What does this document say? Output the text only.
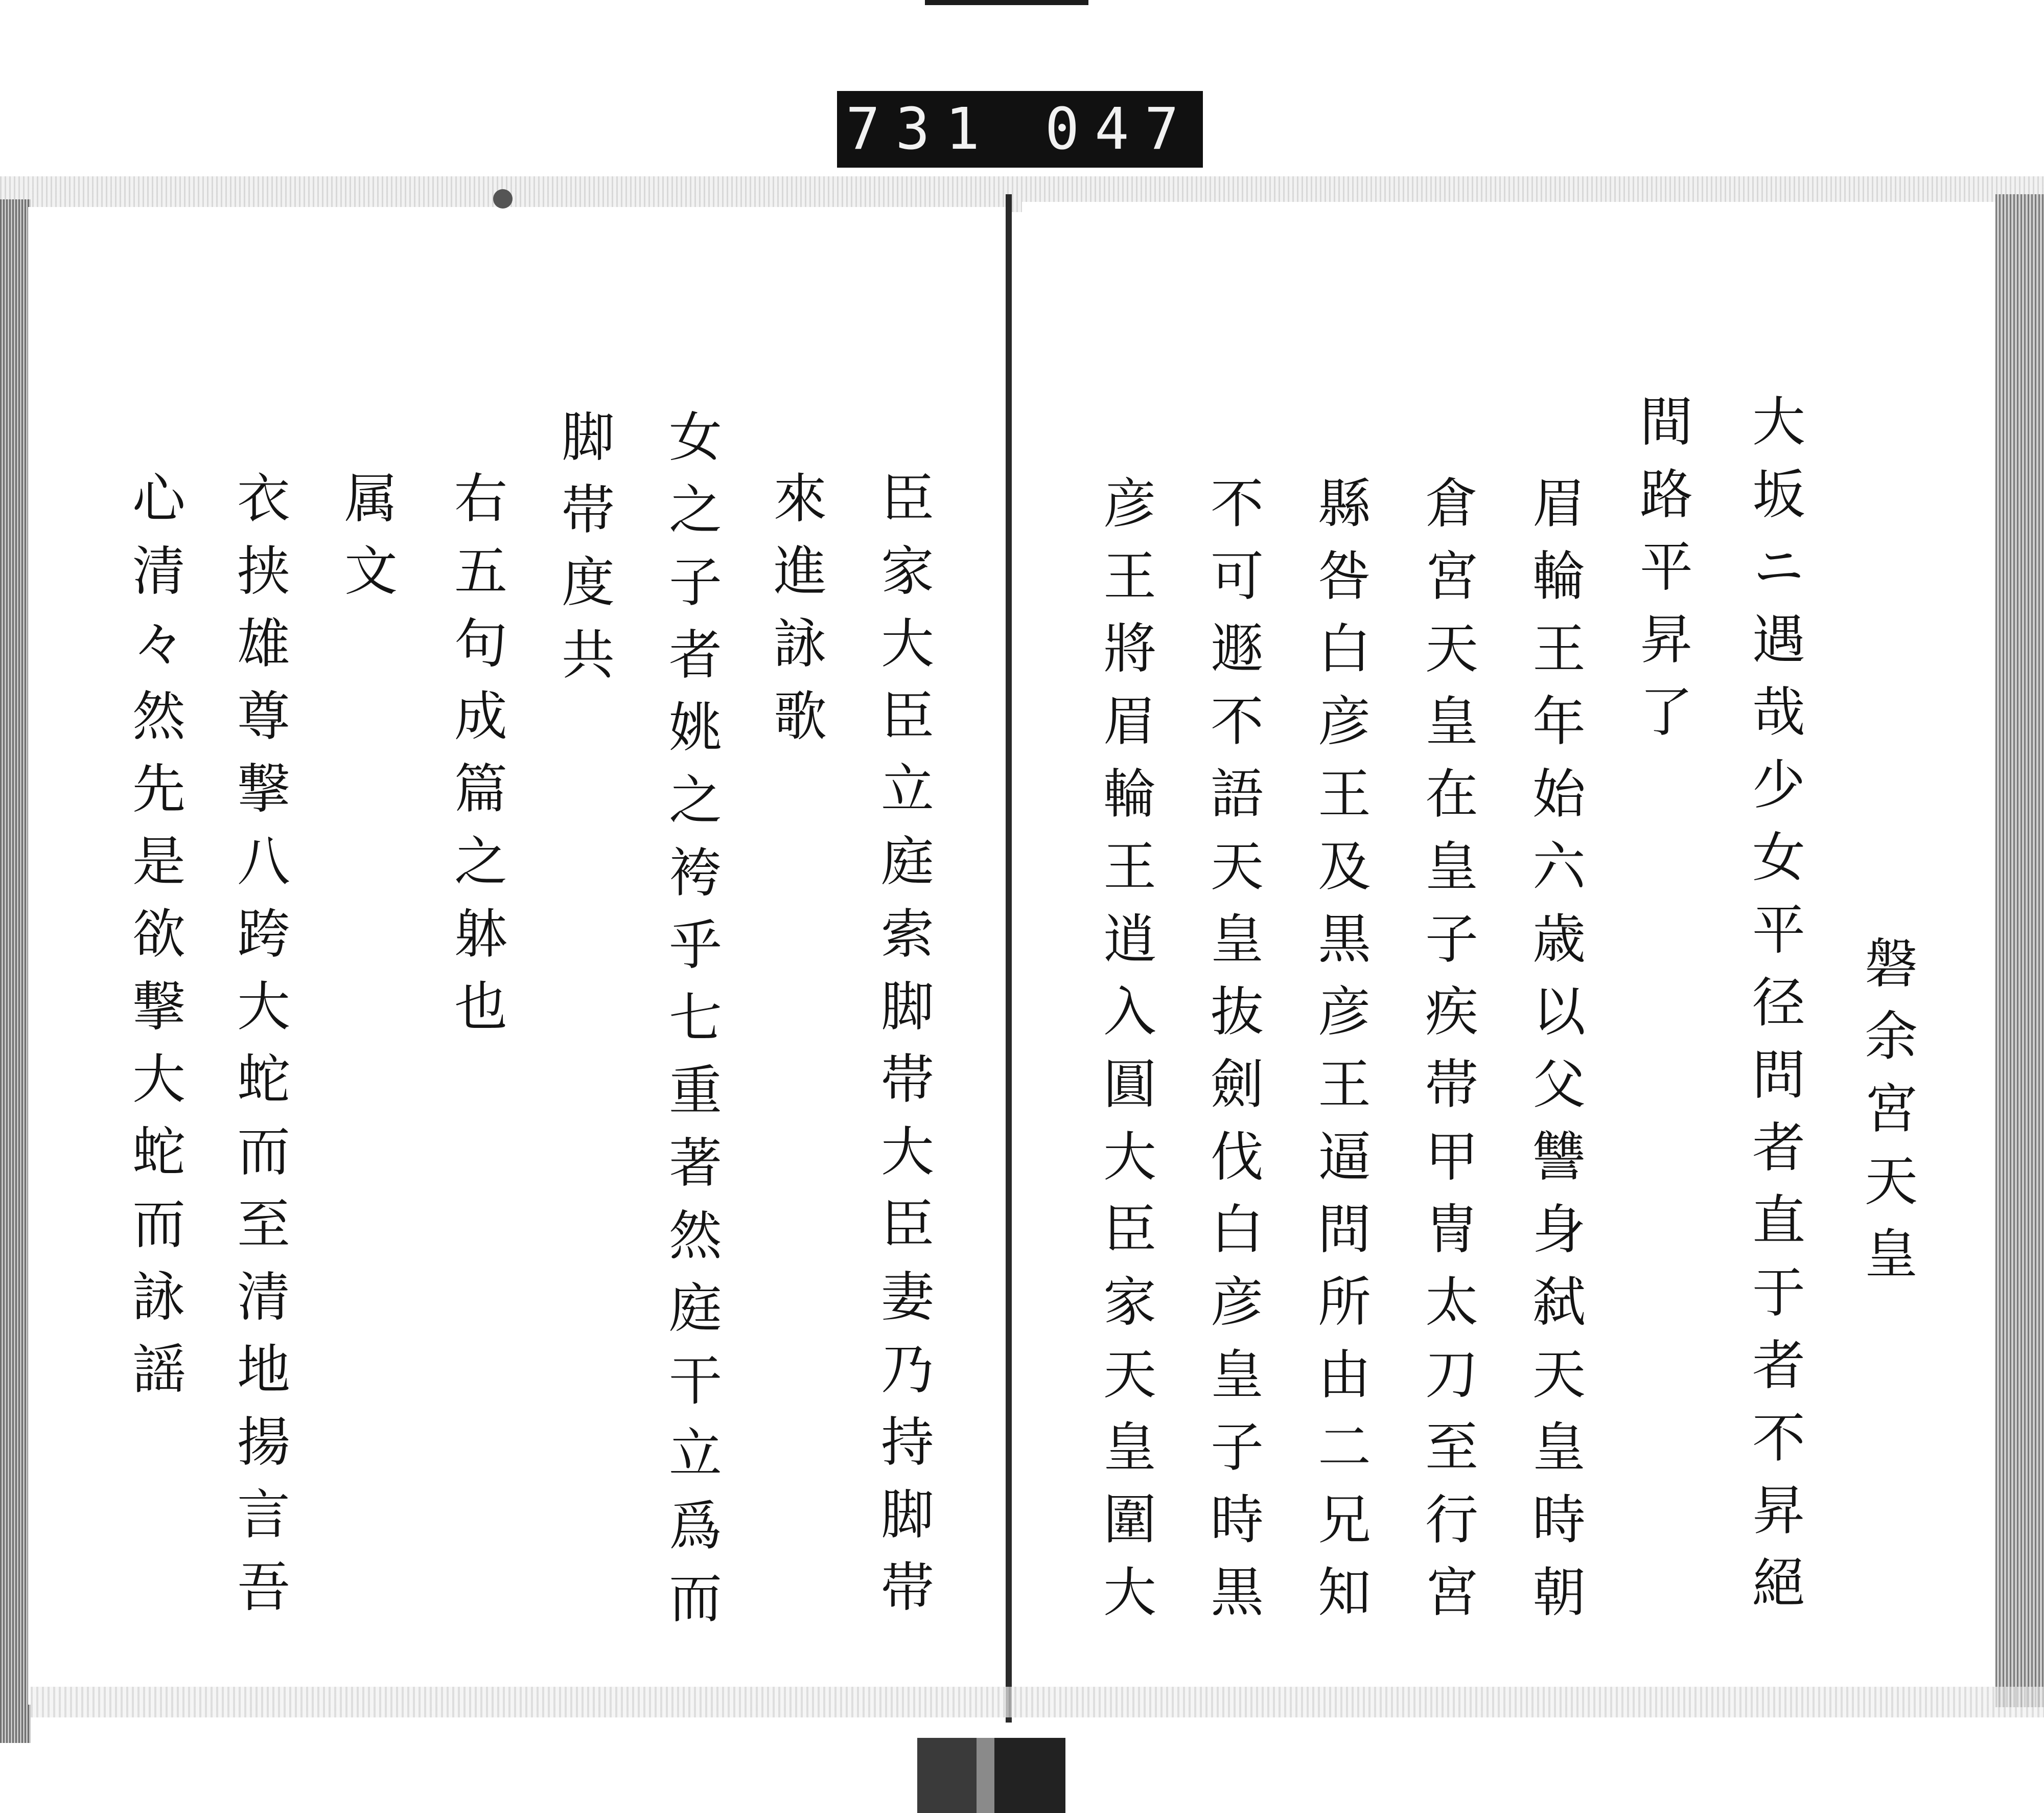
731 047
磐余宮天皇
大坂ニ遇哉少女平径問者直于者不昇絕
間路平昇了
眉輪王年始六歳以父讐身弑天皇時朝
倉宮天皇在皇子疾帯甲冑太刀至行宮
縣咎白彦王及黒彦王逼問所由二兄知
不可遯不語天皇抜劍伐白彦皇子時黒
彦王將眉輪王逍入圓大臣家天皇圍大
臣家大臣立庭索脚帯大臣妻乃持脚帯
來進詠歌
女之子者姚之袴乎七重著然庭干立爲而
脚帯度共
右五句成篇之躰也
属文
衣挟雄尊撃八跨大蛇而至清地揚言吾
心清々然先是欲撃大蛇而詠謡
